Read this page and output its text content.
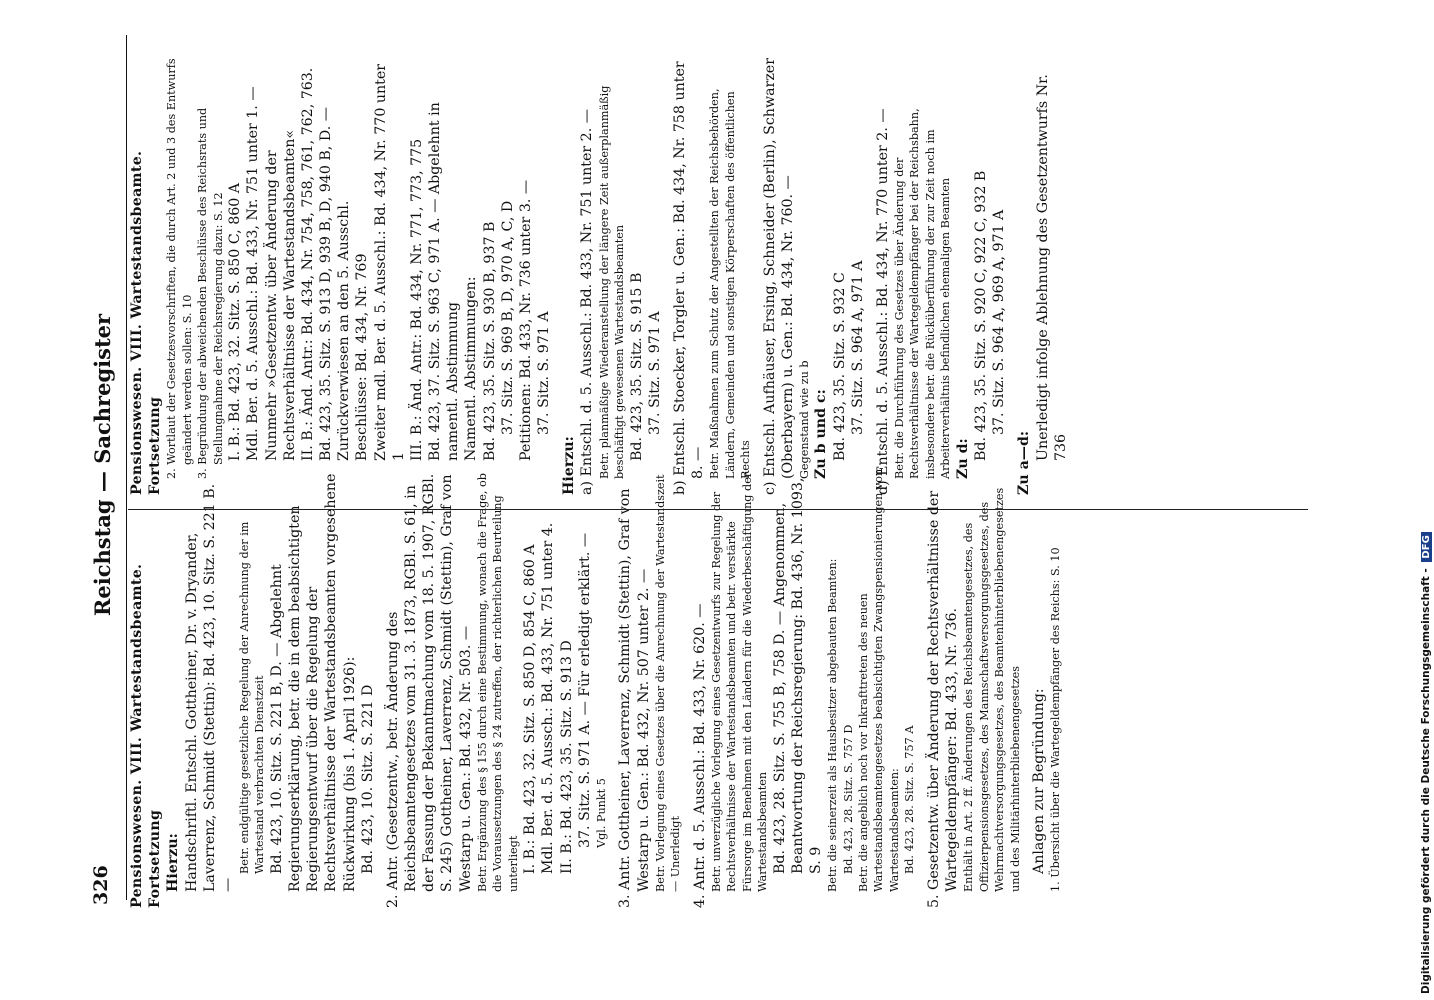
326
Reichstag — Sachregister

Pensionswesen. VIII. Wartestandsbeamte. Fortsetzung Hierzu: Handschriftl. Entschl. Gottheiner, Dr. v. Dryander, Laverrenz, Schmidt (Stettin): Bd. 423, 10. Sitz. S. 221 B. —

Betr. endgültige gesetzliche Regelung der Anrechnung der im Wartestand verbrachten Dienstzeit Bd. 423, 10. Sitz. S. 221 B, D. — Abgelehnt Regierungserklärung, betr. die in dem beabsichtigten Regierungsentwurf über die Regelung der Rechtsverhältnisse der Wartestandsbeamten vorgesehene Rückwirkung (bis 1. April 1926): Bd. 423, 10. Sitz. S. 221 D 2. Antr. (Gesetzentw., betr. Änderung des Reichsbeamtengesetzes vom 31. 3. 1873, RGBl. S. 61, in der Fassung der Bekanntmachung vom 18. 5. 1907, RGBl. S. 245) Gottheiner, Laverrenz, Schmidt (Stettin), Graf von Westarp u. Gen.: Bd. 432, Nr. 503. — Betr. Ergänzung des § 155 durch eine Bestimmung, wonach die Frage, ob die Voraussetzungen des § 24 zutreffen, der richterlichen Beurteilung unterliegt I. B.: Bd. 423, 32. Sitz. S. 850 D, 854 C, 860 A Mdl. Ber. d. 5. Aussch.: Bd. 433, Nr. 751 unter 4. II. B.: Bd. 423, 35. Sitz. S. 913 D 37. Sitz. S. 971 A. — Für erledigt erklärt. — Vgl. Punkt 5 3. Antr. Gottheiner, Laverrenz, Schmidt (Stettin), Graf von Westarp u. Gen.: Bd. 432, Nr. 507 unter 2. — Betr. Vorlegung eines Gesetzes über die Anrechnung der Wartestandszeit — Unerledigt 4. Antr. d. 5. Ausschl.: Bd. 433, Nr. 620. — Betr. unverzügliche Vorlegung eines Gesetzentwurfs zur Regelung der Rechtsverhältnisse der Wartestandsbeamten und betr. verstärkte Fürsorge im Benehmen mit den Ländern für die Wiederbeschäftigung der Wartestandsbeamten Bd. 423, 28. Sitz. S. 755 B, 758 D. — Angenommen, Beantwortung der Reichsregierung: Bd. 436, Nr. 1093, S. 9 Betr. die seinerzeit als Hausbesitzer abgebauten Beamten: Bd. 423, 28. Sitz. S. 757 D Betr. die angeblich noch vor Inkrafttreten des neuen Wartestandsbeamtengesetzes beabsichtigten Zwangspensionierungen von Wartestandsbeamten: Bd. 423, 28. Sitz. S. 757 A 5. Gesetzentw. über Änderung der Rechtsverhältnisse der Wartegeldempfänger: Bd. 433, Nr. 736. Enthält in Art. 2 ff. Änderungen des Reichsbeamtengesetzes, des Offizierpensionsgesetzes, des Mannschaftsversorgungsgesetzes, des Wehrmachtversorgungsgesetzes, des Beamtenhinterbliebenengesetzes und des Militärhinterbliebenengesetzes Anlagen zur Begründung: 1. Übersicht über die Wartegeldempfänger des Reichs: S. 10

Pensionswesen. VIII. Wartestandsbeamte. Fortsetzung 2. Wortlaut der Gesetzesvorschriften, die durch Art. 2 und 3 des Entwurfs geändert werden sollen: S. 10 3. Begründung der abweichenden Beschlüsse des Reichsrats und Stellungnahme der Reichsregierung dazu: S. 12 I. B.: Bd. 423, 32. Sitz. S. 850 C, 860 A Mdl. Ber. d. 5. Ausschl.: Bd. 433, Nr. 751 unter 1. — Nunmehr »Gesetzentw. über Änderung der Rechtsverhältnisse der Wartestandsbeamten« II. B.: Änd. Antr.: Bd. 434, Nr. 754, 758, 761, 762, 763. Bd. 423, 35. Sitz. S. 913 D, 939 B, D, 940 B, D. — Zurückverwiesen an den 5. Ausschl. Beschlüsse: Bd. 434, Nr. 769 Zweiter mdl. Ber. d. 5. Ausschl.: Bd. 434, Nr. 770 unter 1 III. B.: Änd. Antr.: Bd. 434, Nr. 771, 773, 775 Bd. 423, 37. Sitz. S. 963 C, 971 A. — Abgelehnt in namentl. Abstimmung Namentl. Abstimmungen: Bd. 423, 35. Sitz. S. 930 B, 937 B 37. Sitz. S. 969 B, D, 970 A, C, D Petitionen: Bd. 433, Nr. 736 unter 3. — 37. Sitz. S. 971 A

Hierzu: a) Entschl. d. 5. Ausschl.: Bd. 433, Nr. 751 unter 2. — Betr. planmäßige Wiederanstellung der längere Zeit außerplanmäßig beschäftigt gewesenen Wartestandsbeamten Bd. 423, 35. Sitz. S. 915 B 37. Sitz. S. 971 A b) Entschl. Stoecker, Torgler u. Gen.: Bd. 434, Nr. 758 unter 8. — Betr. Maßnahmen zum Schutz der Angestellten der Reichsbehörden, Ländern, Gemeinden und sonstigen Körperschaften des öffentlichen Rechts c) Entschl. Aufhäuser, Ersing, Schneider (Berlin), Schwarzer (Oberbayern) u. Gen.: Bd. 434, Nr. 760. — Gegenstand wie zu b Zu b und c: Bd. 423, 35. Sitz. S. 932 C 37. Sitz. S. 964 A, 971 A d) Entschl. d. 5. Ausschl.: Bd. 434, Nr. 770 unter 2. — Betr. die Durchführung des Gesetzes über Änderung der Rechtsverhältnisse der Wartegeldempfänger bei der Reichsbahn, insbesondere betr. die Rücküberführung der zur Zeit noch im Arbeiterverhältnis befindlichen ehemaligen Beamten Zu d: Bd. 423, 35. Sitz. S. 920 C, 922 C, 932 B 37. Sitz. S. 964 A, 969 A, 971 A

Zu a—d:

Unerledigt infolge Ablehnung des Gesetzentwurfs Nr. 736

Digitalisierung gefördert durch die Deutsche Forschungsgemeinschaft - DFG
